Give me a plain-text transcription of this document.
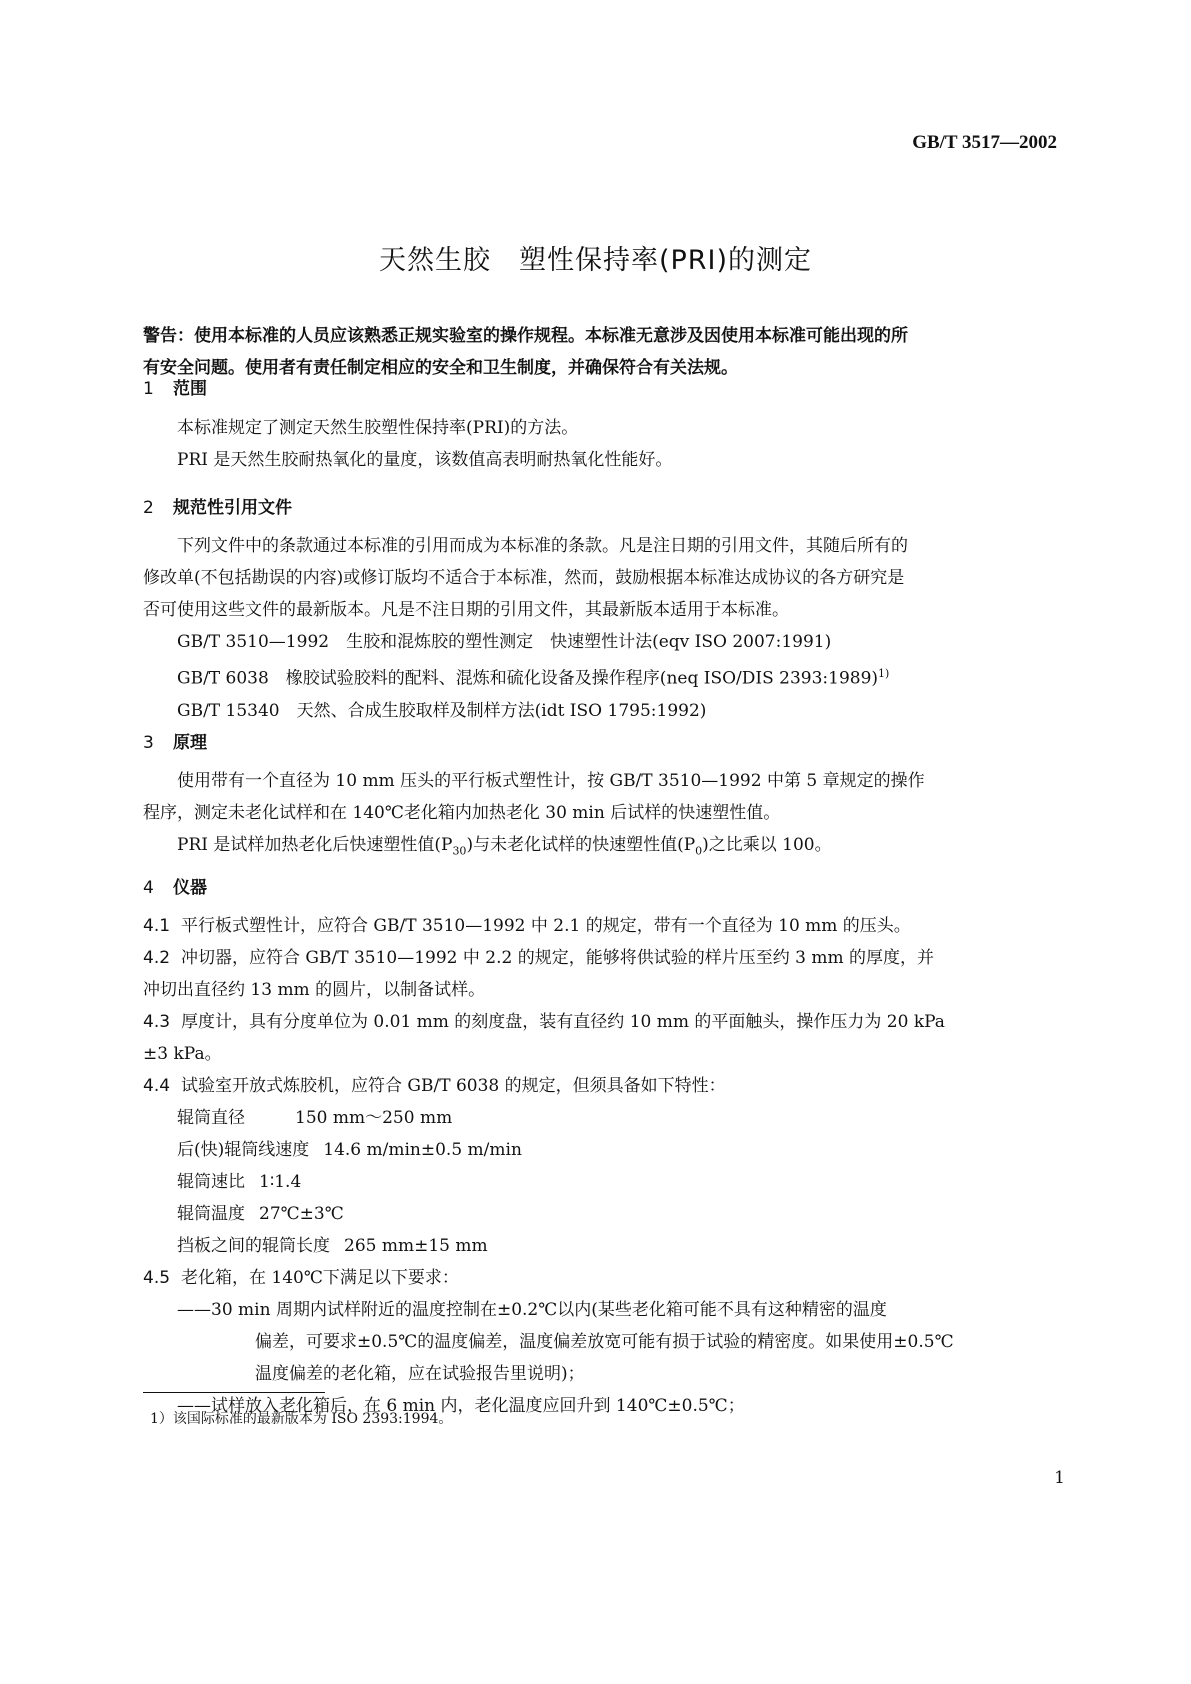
GB/T 3517—2002
天然生胶　塑性保持率(PRI)的测定
警告：使用本标准的人员应该熟悉正规实验室的操作规程。本标准无意涉及因使用本标准可能出现的所
有安全问题。使用者有责任制定相应的安全和卫生制度，并确保符合有关法规。
1 范围

本标准规定了测定天然生胶塑性保持率(PRI)的方法。

PRI 是天然生胶耐热氧化的量度，该数值高表明耐热氧化性能好。

2 规范性引用文件

下列文件中的条款通过本标准的引用而成为本标准的条款。凡是注日期的引用文件，其随后所有的

修改单(不包括勘误的内容)或修订版均不适合于本标准，然而，鼓励根据本标准达成协议的各方研究是

否可使用这些文件的最新版本。凡是不注日期的引用文件，其最新版本适用于本标准。

GB/T 3510—1992　生胶和混炼胶的塑性测定　快速塑性计法(eqv ISO 2007:1991)

GB/T 6038　橡胶试验胶料的配料、混炼和硫化设备及操作程序(neq ISO/DIS 2393:1989)$^{1)}$

GB/T 15340　天然、合成生胶取样及制样方法(idt ISO 1795:1992)

3 原理

使用带有一个直径为 10 mm 压头的平行板式塑性计，按 GB/T 3510—1992 中第 5 章规定的操作

程序，测定未老化试样和在 140℃老化箱内加热老化 30 min 后试样的快速塑性值。

PRI 是试样加热老化后快速塑性值$(P_{30})$与未老化试样的快速塑性值$(P_0)$之比乘以 100。

4 仪器

4.1 平行板式塑性计，应符合 GB/T 3510—1992 中 2.1 的规定，带有一个直径为 10 mm 的压头。

4.2 冲切器，应符合 GB/T 3510—1992 中 2.2 的规定，能够将供试验的样片压至约 3 mm 的厚度，并

冲切出直径约 13 mm 的圆片，以制备试样。

4.3 厚度计，具有分度单位为 0.01 mm 的刻度盘，装有直径约 10 mm 的平面触头，操作压力为 20 kPa

±3 kPa。

4.4 试验室开放式炼胶机，应符合 GB/T 6038 的规定，但须具备如下特性：

辊筒直径	150 mm～250 mm

后(快)辊筒线速度 14.6 m/min±0.5 m/min

辊筒速比 1∶1.4

辊筒温度 27℃±3℃

挡板之间的辊筒长度 265 mm±15 mm

4.5 老化箱，在 140℃下满足以下要求：

——30 min 周期内试样附近的温度控制在±0.2℃以内(某些老化箱可能不具有这种精密的温度

偏差，可要求±0.5℃的温度偏差，温度偏差放宽可能有损于试验的精密度。如果使用±0.5℃

温度偏差的老化箱，应在试验报告里说明)；

——试样放入老化箱后，在 6 min 内，老化温度应回升到 140℃±0.5℃；

1）该国际标准的最新版本为 ISO 2393:1994。
1
